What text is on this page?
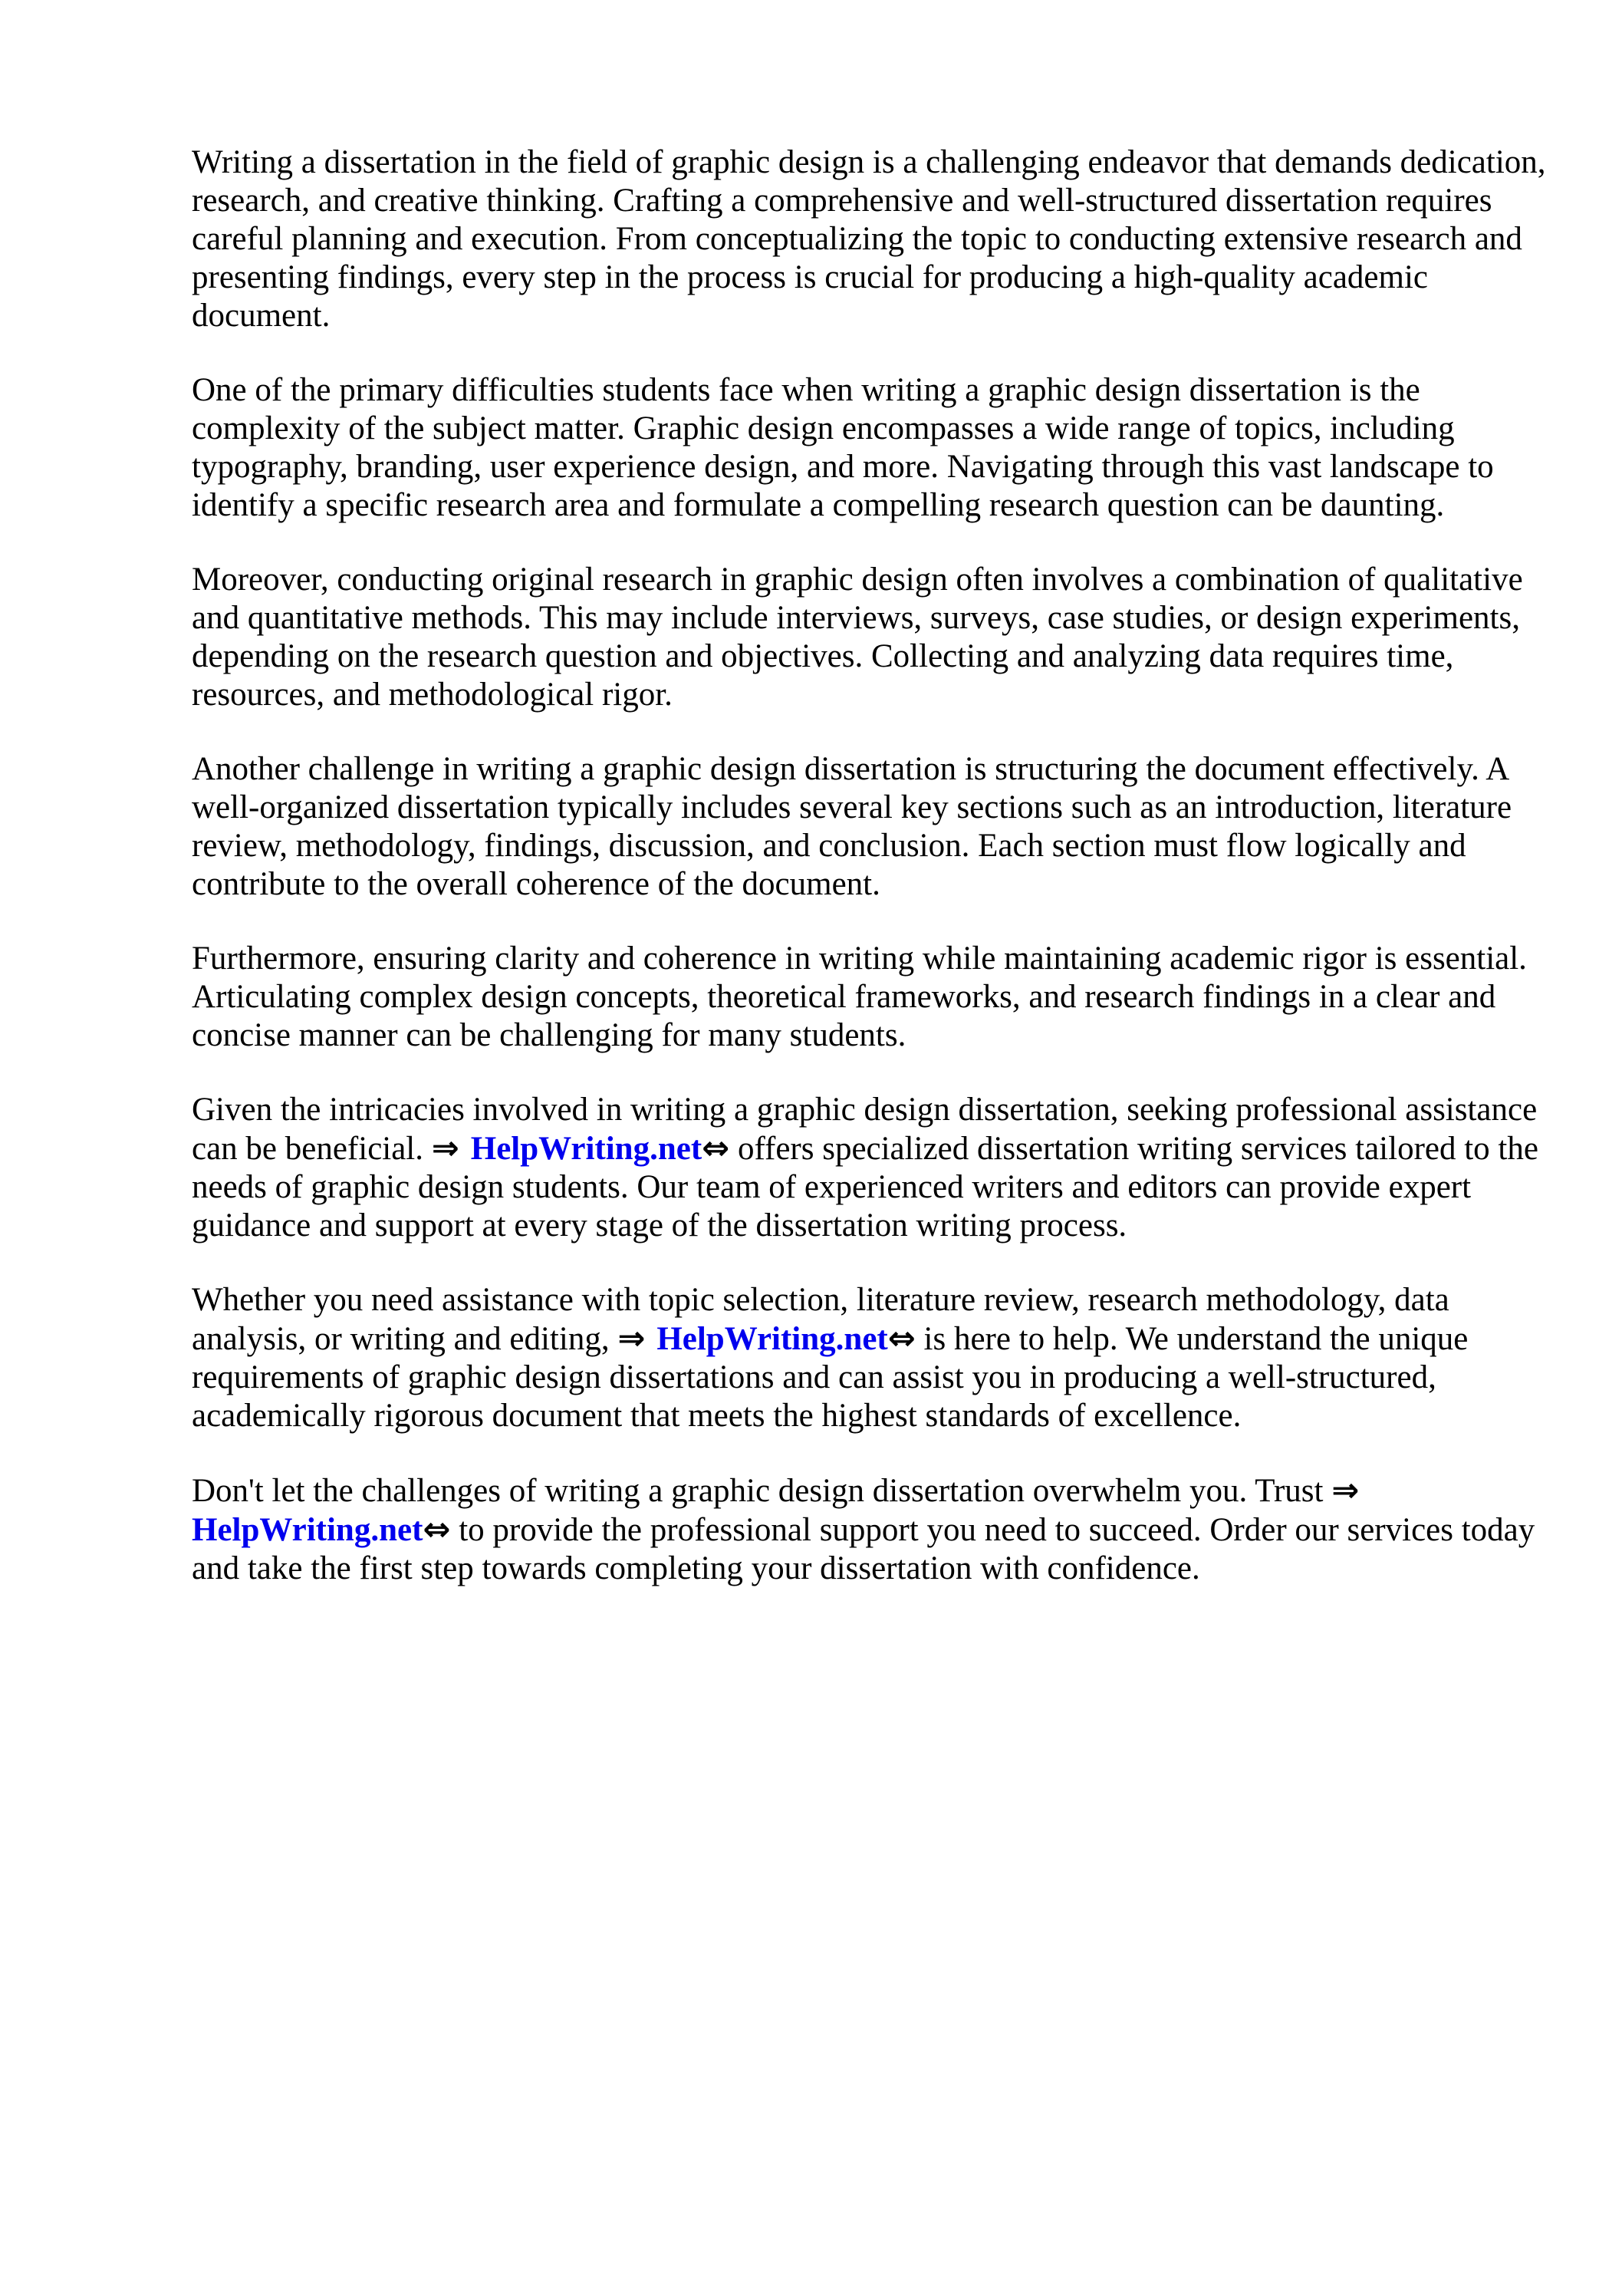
Writing a dissertation in the field of graphic design is a challenging endeavor that demands dedication, research, and creative thinking. Crafting a comprehensive and well-structured dissertation requires careful planning and execution. From conceptualizing the topic to conducting extensive research and presenting findings, every step in the process is crucial for producing a high-quality academic document.

One of the primary difficulties students face when writing a graphic design dissertation is the complexity of the subject matter. Graphic design encompasses a wide range of topics, including typography, branding, user experience design, and more. Navigating through this vast landscape to identify a specific research area and formulate a compelling research question can be daunting.

Moreover, conducting original research in graphic design often involves a combination of qualitative and quantitative methods. This may include interviews, surveys, case studies, or design experiments, depending on the research question and objectives. Collecting and analyzing data requires time, resources, and methodological rigor.

Another challenge in writing a graphic design dissertation is structuring the document effectively. A well-organized dissertation typically includes several key sections such as an introduction, literature review, methodology, findings, discussion, and conclusion. Each section must flow logically and contribute to the overall coherence of the document.

Furthermore, ensuring clarity and coherence in writing while maintaining academic rigor is essential. Articulating complex design concepts, theoretical frameworks, and research findings in a clear and concise manner can be challenging for many students.

Given the intricacies involved in writing a graphic design dissertation, seeking professional assistance can be beneficial. ⇒ HelpWriting.net⇔ offers specialized dissertation writing services tailored to the needs of graphic design students. Our team of experienced writers and editors can provide expert guidance and support at every stage of the dissertation writing process.

Whether you need assistance with topic selection, literature review, research methodology, data analysis, or writing and editing, ⇒ HelpWriting.net⇔ is here to help. We understand the unique requirements of graphic design dissertations and can assist you in producing a well-structured, academically rigorous document that meets the highest standards of excellence.

Don't let the challenges of writing a graphic design dissertation overwhelm you. Trust ⇒ HelpWriting.net⇔ to provide the professional support you need to succeed. Order our services today and take the first step towards completing your dissertation with confidence.
